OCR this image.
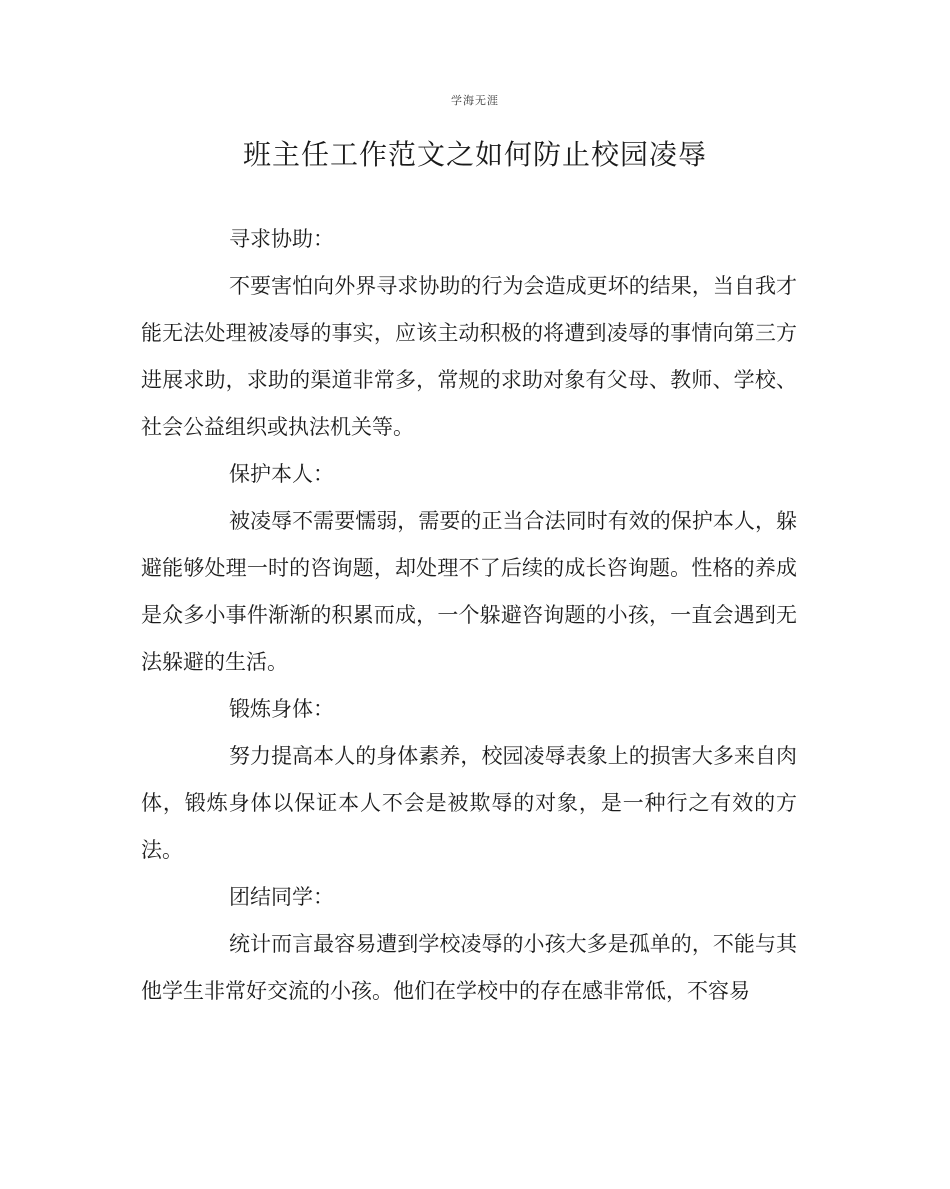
学海无涯
班主任工作范文之如何防止校园凌辱

寻求协助：

不要害怕向外界寻求协助的行为会造成更坏的结果，当自我才能无法处理被凌辱的事实，应该主动积极的将遭到凌辱的事情向第三方进展求助，求助的渠道非常多，常规的求助对象有父母、教师、学校、社会公益组织或执法机关等。

保护本人：

被凌辱不需要懦弱，需要的正当合法同时有效的保护本人，躲避能够处理一时的咨询题，却处理不了后续的成长咨询题。性格的养成是众多小事件渐渐的积累而成，一个躲避咨询题的小孩，一直会遇到无法躲避的生活。

锻炼身体：

努力提高本人的身体素养，校园凌辱表象上的损害大多来自肉体，锻炼身体以保证本人不会是被欺辱的对象，是一种行之有效的方法。

团结同学：

统计而言最容易遭到学校凌辱的小孩大多是孤单的，不能与其他学生非常好交流的小孩。他们在学校中的存在感非常低，不容易
